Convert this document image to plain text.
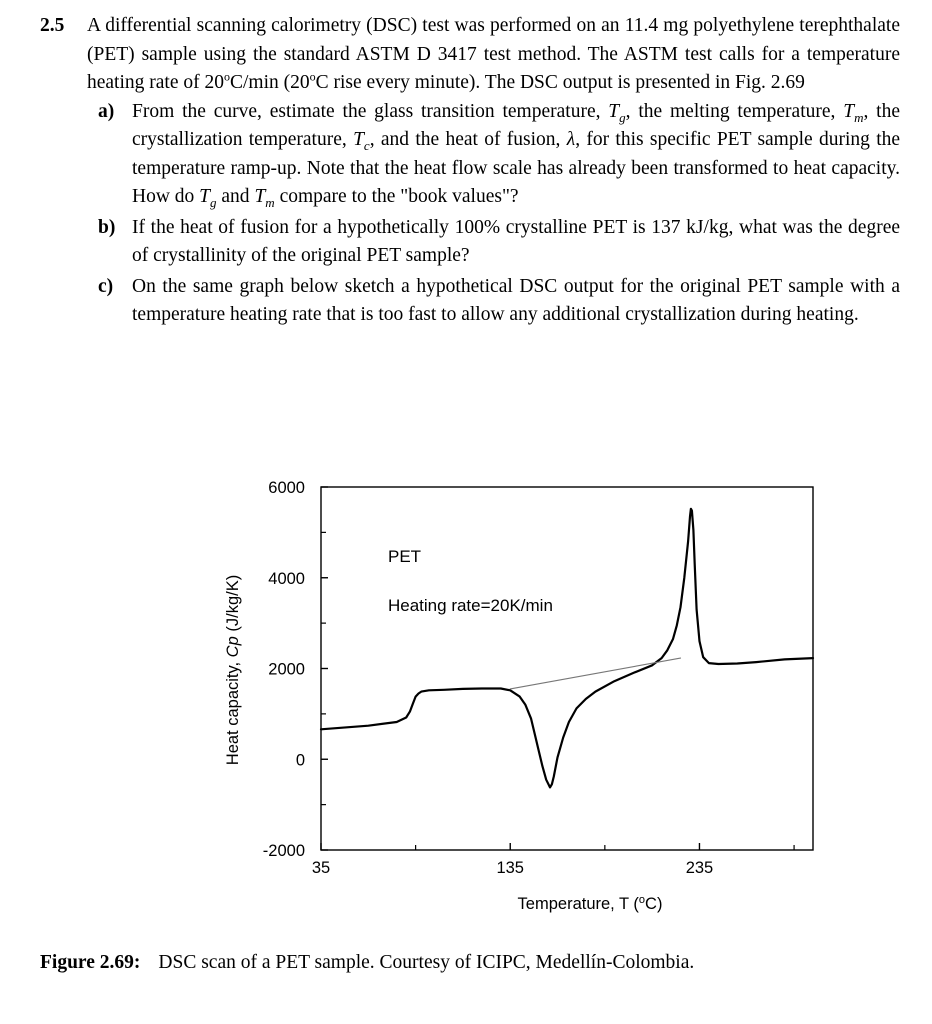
2.5 A differential scanning calorimetry (DSC) test was performed on an 11.4 mg polyethylene terephthalate (PET) sample using the standard ASTM D 3417 test method. The ASTM test calls for a temperature heating rate of 20$^o$C/min (20$^o$C rise every minute). The DSC output is presented in Fig. 2.69
a) From the curve, estimate the glass transition temperature, $T_g$, the melting temperature, $T_m$, the crystallization temperature, $T_c$, and the heat of fusion, λ, for this specific PET sample during the temperature ramp-up. Note that the heat flow scale has already been transformed to heat capacity. How do $T_g$ and $T_m$ compare to the "book values"?
b) If the heat of fusion for a hypothetically 100% crystalline PET is 137 kJ/kg, what was the degree of crystallinity of the original PET sample?
c) On the same graph below sketch a hypothetical DSC output for the original PET sample with a temperature heating rate that is too fast to allow any additional crystallization during heating.
6000
4000
2000
0
-2000
35	135	235
PET
Heating rate=20K/min
Temperature, T ($^o$C)
Heat capacity, Cp (J/kg/K)
Figure 2.69: DSC scan of a PET sample. Courtesy of ICIPC, Medellín-Colombia.
